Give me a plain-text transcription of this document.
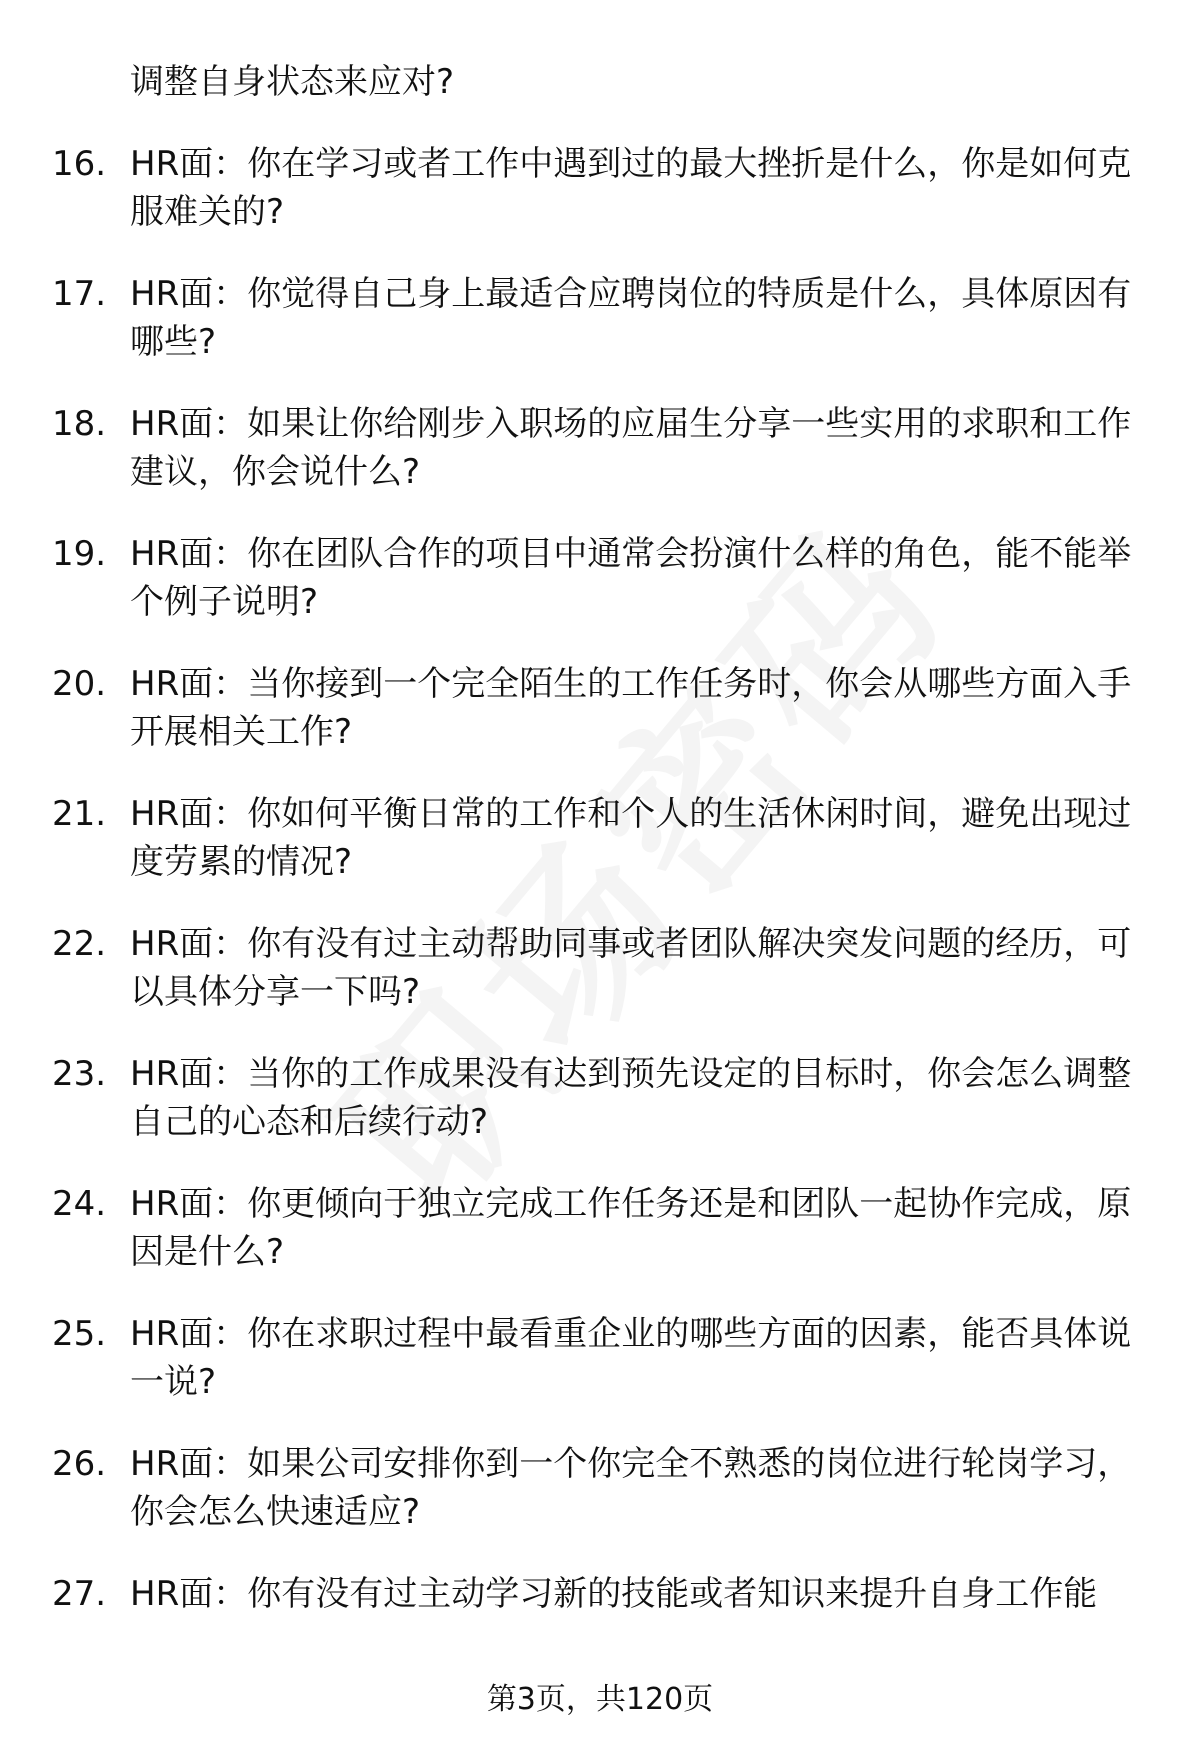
调整自身状态来应对?

16. HR面：你在学习或者工作中遇到过的最大挫折是什么，你是如何克服难关的?

17. HR面：你觉得自己身上最适合应聘岗位的特质是什么，具体原因有哪些?

18. HR面：如果让你给刚步入职场的应届生分享一些实用的求职和工作建议，你会说什么?

19. HR面：你在团队合作的项目中通常会扮演什么样的角色，能不能举个例子说明?

20. HR面：当你接到一个完全陌生的工作任务时，你会从哪些方面入手开展相关工作?

21. HR面：你如何平衡日常的工作和个人的生活休闲时间，避免出现过度劳累的情况?

22. HR面：你有没有过主动帮助同事或者团队解决突发问题的经历，可以具体分享一下吗?

23. HR面：当你的工作成果没有达到预先设定的目标时，你会怎么调整自己的心态和后续行动?

24. HR面：你更倾向于独立完成工作任务还是和团队一起协作完成，原因是什么?

25. HR面：你在求职过程中最看重企业的哪些方面的因素，能否具体说一说?

26. HR面：如果公司安排你到一个你完全不熟悉的岗位进行轮岗学习，你会怎么快速适应?

27. HR面：你有没有过主动学习新的技能或者知识来提升自身工作能

第3页，共120页
